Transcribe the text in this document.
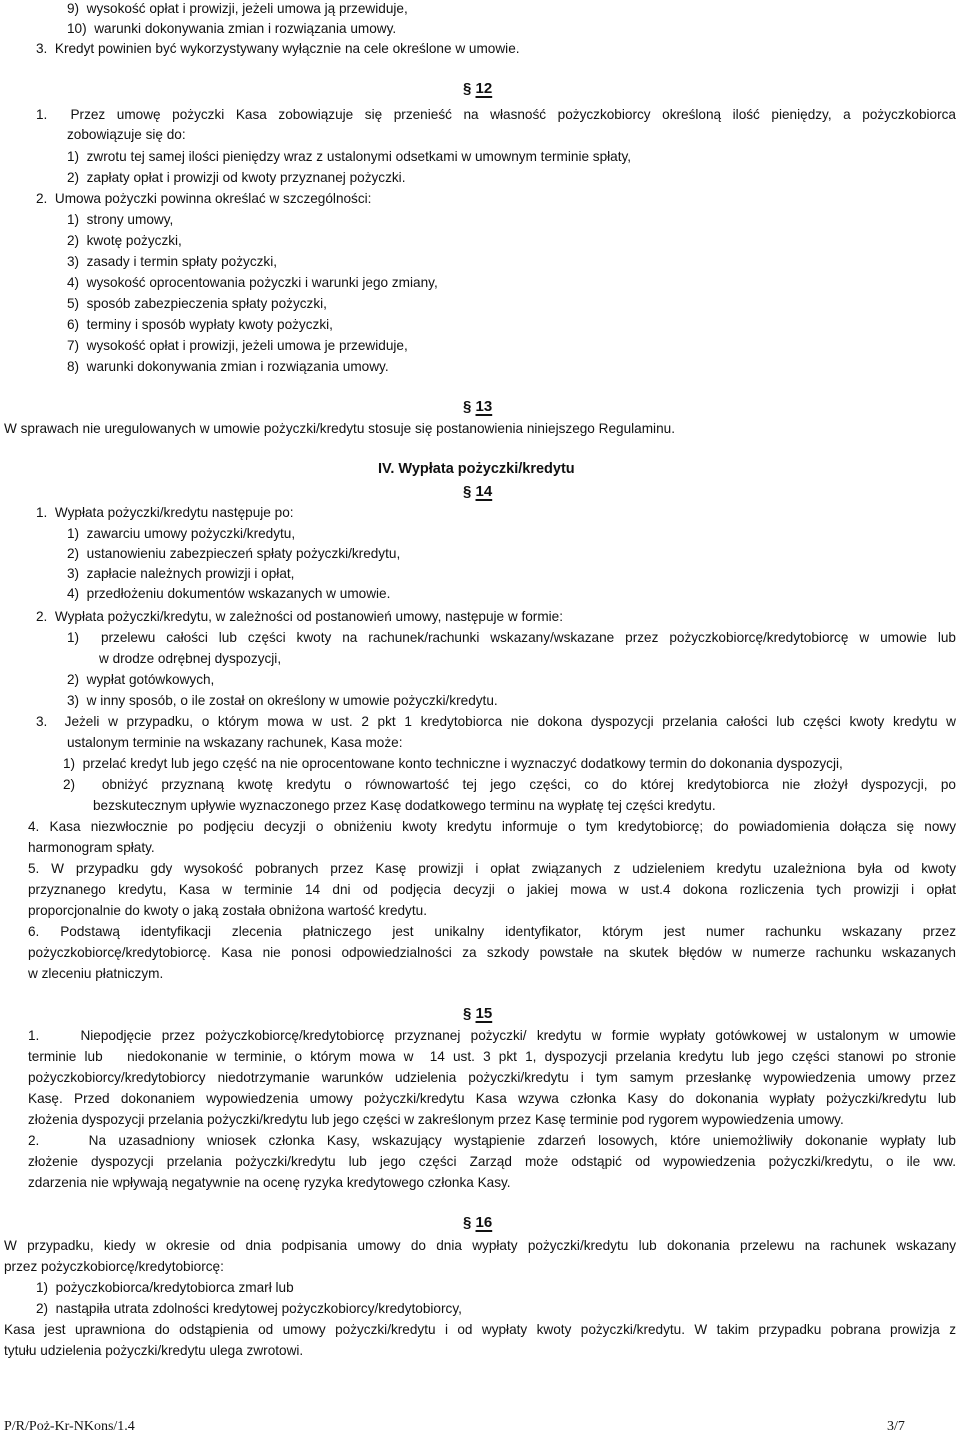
9)  wysokość opłat i prowizji, jeżeli umowa ją przewiduje,
10)  warunki dokonywania zmian i rozwiązania umowy.
3.  Kredyt powinien być wykorzystywany wyłącznie na cele określone w umowie.
§ 12
1.  Przez umowę pożyczki Kasa zobowiązuje się przenieść na własność pożyczkobiorcy określoną ilość pieniędzy, a pożyczkobiorca
zobowiązuje się do:
1)  zwrotu tej samej ilości pieniędzy wraz z ustalonymi odsetkami w umownym terminie spłaty,
2)  zapłaty opłat i prowizji od kwoty przyznanej pożyczki.
2.  Umowa pożyczki powinna określać w szczególności:
1)  strony umowy,
2)  kwotę pożyczki,
3)  zasady i termin spłaty pożyczki,
4)  wysokość oprocentowania pożyczki i warunki jego zmiany,
5)  sposób zabezpieczenia spłaty pożyczki,
6)  terminy i sposób wypłaty kwoty pożyczki,
7)  wysokość opłat i prowizji, jeżeli umowa je przewiduje,
8)  warunki dokonywania zmian i rozwiązania umowy.
§ 13
W sprawach nie uregulowanych w umowie pożyczki/kredytu stosuje się postanowienia niniejszego Regulaminu.
IV. Wypłata pożyczki/kredytu
§ 14
1.  Wypłata pożyczki/kredytu następuje po:
1)  zawarciu umowy pożyczki/kredytu,
2)  ustanowieniu zabezpieczeń spłaty pożyczki/kredytu,
3)  zapłacie należnych prowizji i opłat,
4)  przedłożeniu dokumentów wskazanych w umowie.
2.  Wypłata pożyczki/kredytu, w zależności od postanowień umowy, następuje w formie:
1)  przelewu całości lub części kwoty na rachunek/rachunki wskazany/wskazane przez pożyczkobiorcę/kredytobiorcę w umowie lub
w drodze odrębnej dyspozycji,
2)  wypłat gotówkowych,
3)  w inny sposób, o ile został on określony w umowie pożyczki/kredytu.
3.  Jeżeli w przypadku, o którym mowa w ust. 2 pkt 1 kredytobiorca nie dokona dyspozycji przelania całości lub części kwoty kredytu w
ustalonym terminie na wskazany rachunek, Kasa może:
1)  przelać kredyt lub jego część na nie oprocentowane konto techniczne i wyznaczyć dodatkowy termin do dokonania dyspozycji,
2)  obniżyć przyznaną kwotę kredytu o równowartość tej jego części, co do której kredytobiorca nie złożył dyspozycji, po
bezskutecznym upływie wyznaczonego przez Kasę dodatkowego terminu na wypłatę tej części kredytu.
4. Kasa niezwłocznie po podjęciu decyzji o obniżeniu kwoty kredytu informuje o tym kredytobiorcę; do powiadomienia dołącza się nowy
harmonogram spłaty.
5. W przypadku gdy wysokość pobranych przez Kasę prowizji i opłat związanych z udzieleniem kredytu uzależniona była od kwoty
przyznanego kredytu, Kasa w terminie 14 dni od podjęcia decyzji o jakiej mowa w ust.4 dokona rozliczenia tych prowizji i opłat
proporcjonalnie do kwoty o jaką została obniżona wartość kredytu.
6. Podstawą identyfikacji zlecenia płatniczego jest unikalny identyfikator, którym jest numer rachunku wskazany przez
pożyczkobiorcę/kredytobiorcę. Kasa nie ponosi odpowiedzialności za szkody powstałe na skutek błędów w numerze rachunku wskazanych
w zleceniu płatniczym.
§ 15
1.    Niepodjęcie przez pożyczkobiorcę/kredytobiorcę przyznanej pożyczki/ kredytu w formie wypłaty gotówkowej w ustalonym w umowie
terminie lub   niedokonanie w terminie, o którym mowa w  14 ust. 3 pkt 1, dyspozycji przelania kredytu lub jego części stanowi po stronie
pożyczkobiorcy/kredytobiorcy niedotrzymanie warunków udzielenia pożyczki/kredytu i tym samym przesłankę wypowiedzenia umowy przez
Kasę. Przed dokonaniem wypowiedzenia umowy pożyczki/kredytu Kasa wzywa członka Kasy do dokonania wypłaty pożyczki/kredytu lub
złożenia dyspozycji przelania pożyczki/kredytu lub jego części w zakreślonym przez Kasę terminie pod rygorem wypowiedzenia umowy.
2.    Na uzasadniony wniosek członka Kasy, wskazujący wystąpienie zdarzeń losowych, które uniemożliwiły dokonanie wypłaty lub
złożenie dyspozycji przelania pożyczki/kredytu lub jego części Zarząd może odstąpić od wypowiedzenia pożyczki/kredytu, o ile ww.
zdarzenia nie wpływają negatywnie na ocenę ryzyka kredytowego członka Kasy.
§ 16
W przypadku, kiedy w okresie od dnia podpisania umowy do dnia wypłaty pożyczki/kredytu lub dokonania przelewu na rachunek wskazany
przez pożyczkobiorcę/kredytobiorcę:
1)  pożyczkobiorca/kredytobiorca zmarł lub
2)  nastąpiła utrata zdolności kredytowej pożyczkobiorcy/kredytobiorcy,
Kasa jest uprawniona do odstąpienia od umowy pożyczki/kredytu i od wypłaty kwoty pożyczki/kredytu. W takim przypadku pobrana prowizja z
tytułu udzielenia pożyczki/kredytu ulega zwrotowi.
P/R/Poż-Kr-NKons/1.4	3/7
